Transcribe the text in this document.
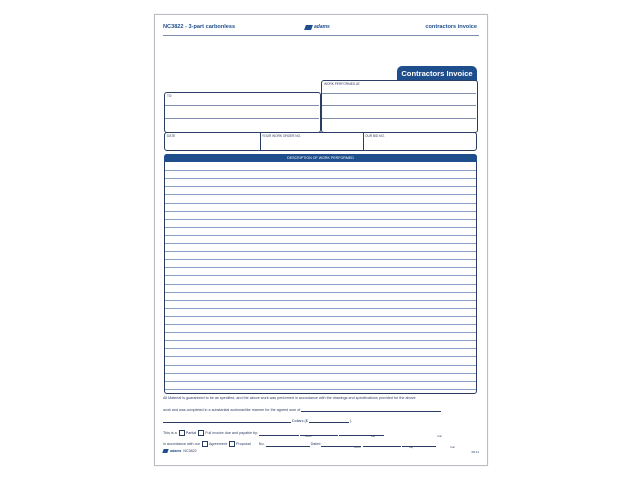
NC3822 - 3-part carbonless	adams	contractors invoice
Contractors Invoice
TO:
WORK PERFORMED AT:
DATE	YOUR WORK ORDER NO.	OUR BID NO.
DESCRIPTION OF WORK PERFORMED
All Material is guaranteed to be as specified, and the above work was performed in accordance with the drawings and specifications provided for the above
work and was completed in a substantial workmanlike manner for the agreed sum of
Dollars ($	).
This is a Partial Full invoice due and payable by:
Month	Day	Year
in accordance with our Agreement Proposal No.	Dated
Month	Day	Year
adams NC3822	08-11
